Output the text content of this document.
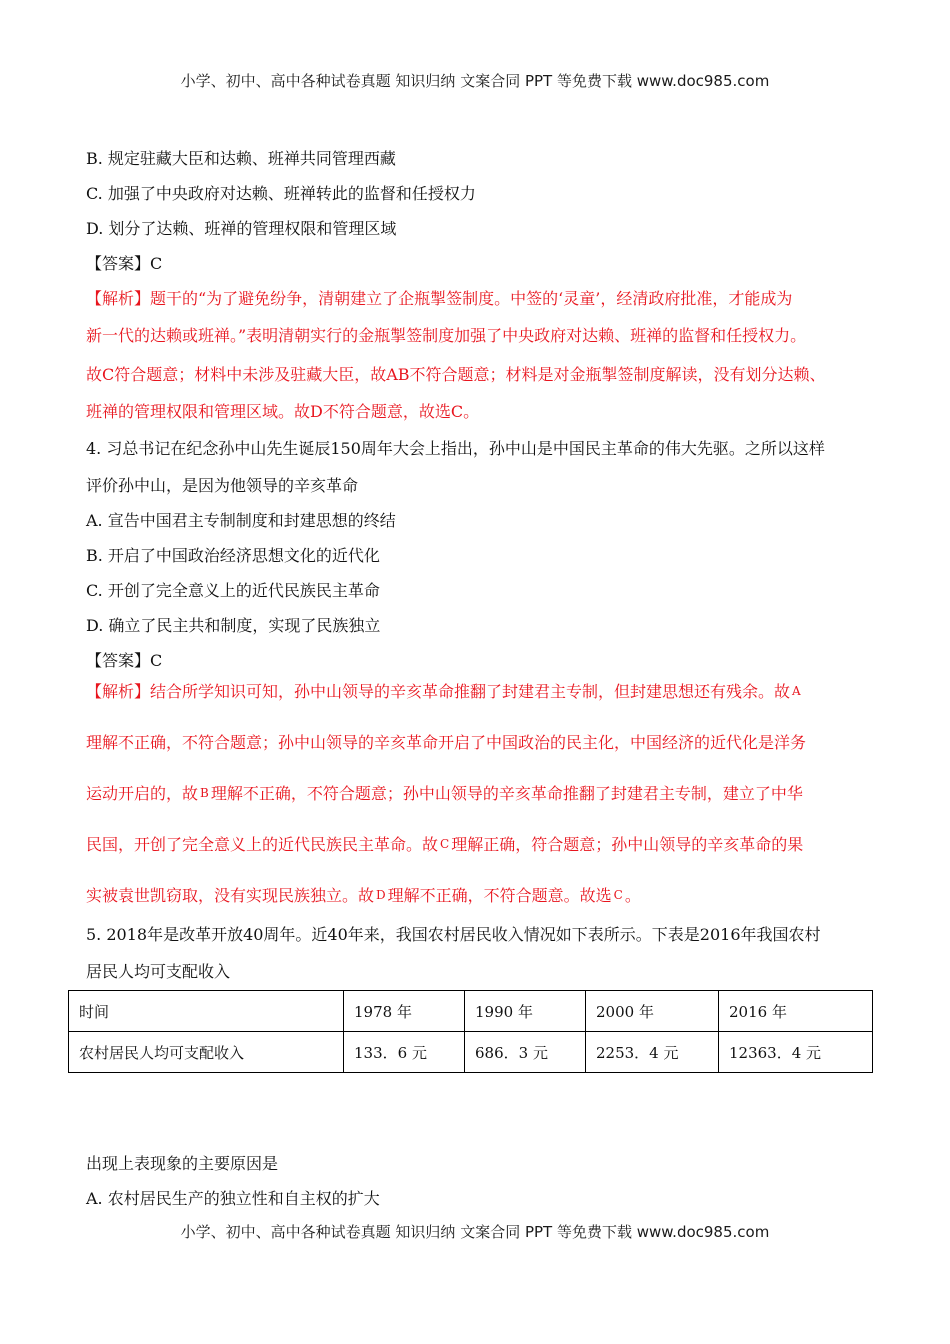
小学、初中、高中各种试卷真题 知识归纳 文案合同 PPT 等免费下载 www.doc985.com
B. 规定驻藏大臣和达赖、班禅共同管理西藏
C. 加强了中央政府对达赖、班禅转此的监督和任授权力
D. 划分了达赖、班禅的管理权限和管理区域
【答案】C
【解析】题干的“为了避免纷争，清朝建立了企瓶掣签制度。中签的‘灵童’，经清政府批准，才能成为
新一代的达赖或班禅。”表明清朝实行的金瓶掣签制度加强了中央政府对达赖、班禅的监督和任授权力。
故C符合题意；材料中未涉及驻藏大臣，故AB不符合题意；材料是对金瓶掣签制度解读，没有划分达赖、
班禅的管理权限和管理区域。故D不符合题意，故选C。
4. 习总书记在纪念孙中山先生诞辰150周年大会上指出，孙中山是中国民主革命的伟大先驱。之所以这样
评价孙中山，是因为他领导的辛亥革命
A. 宣告中国君主专制制度和封建思想的终结
B. 开启了中国政治经济思想文化的近代化
C. 开创了完全意义上的近代民族民主革命
D. 确立了民主共和制度，实现了民族独立
【答案】C
【解析】结合所学知识可知，孙中山领导的辛亥革命推翻了封建君主专制，但封建思想还有残余。故 A
理解不正确，不符合题意；孙中山领导的辛亥革命开启了中国政治的民主化，中国经济的近代化是洋务
运动开启的，故 B 理解不正确，不符合题意；孙中山领导的辛亥革命推翻了封建君主专制，建立了中华
民国，开创了完全意义上的近代民族民主革命。故 C 理解正确，符合题意；孙中山领导的辛亥革命的果
实被袁世凯窃取，没有实现民族独立。故 D 理解不正确，不符合题意。故选 C 。
5. 2018年是改革开放40周年。近40年来，我国农村居民收入情况如下表所示。下表是2016年我国农村
居民人均可支配收入
时间	1978 年	1990 年	2000 年	2016 年
农村居民人均可支配收入	133．6 元	686．3 元	2253．4 元	12363．4 元
出现上表现象的主要原因是
A. 农村居民生产的独立性和自主权的扩大
小学、初中、高中各种试卷真题 知识归纳 文案合同 PPT 等免费下载 www.doc985.com
